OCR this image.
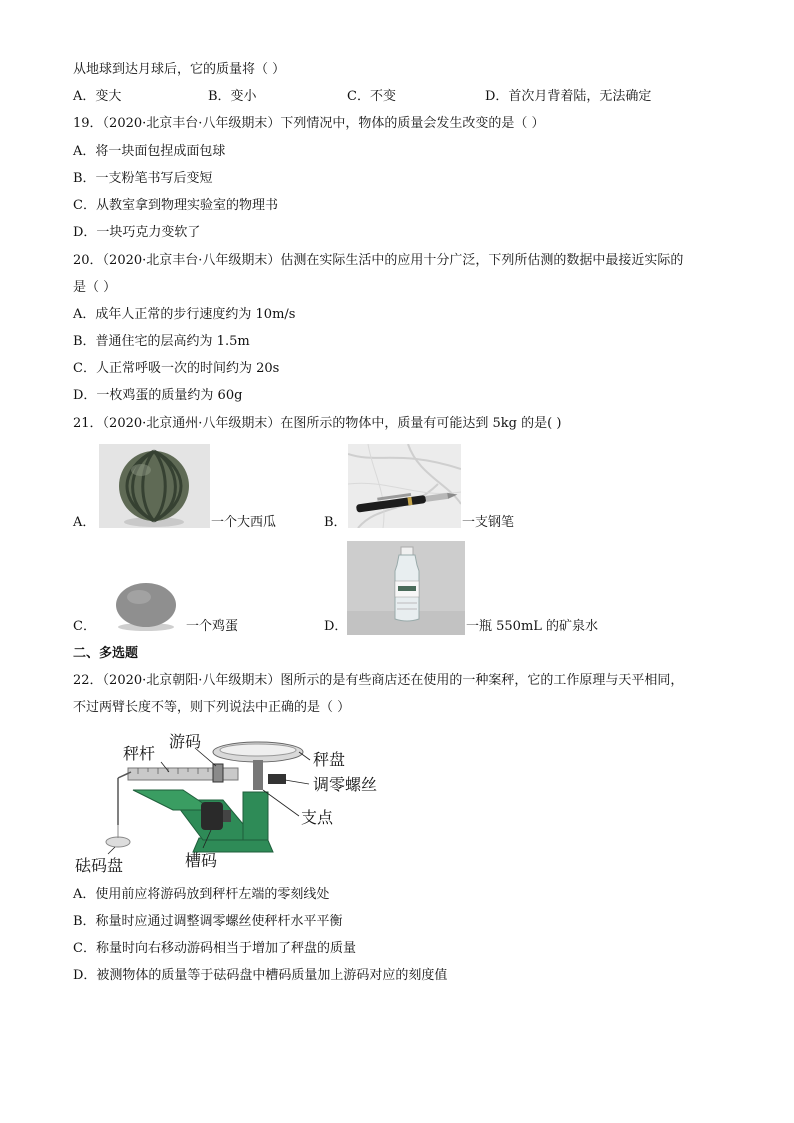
从地球到达月球后，它的质量将（ ）
A．变大	B．变小	C．不变	D．首次月背着陆，无法确定
19．（2020·北京丰台·八年级期末）下列情况中，物体的质量会发生改变的是（ ）
A．将一块面包捏成面包球
B．一支粉笔书写后变短
C．从教室拿到物理实验室的物理书
D．一块巧克力变软了
20．（2020·北京丰台·八年级期末）估测在实际生活中的应用十分广泛，下列所估测的数据中最接近实际的
是（ ）
A．成年人正常的步行速度约为 10m/s
B．普通住宅的层高约为 1.5m
C．人正常呼吸一次的时间约为 20s
D．一枚鸡蛋的质量约为 60g
21．（2020·北京通州·八年级期末）在图所示的物体中，质量有可能达到 5kg 的是( )
A．	一个大西瓜	B．	一支钢笔
C．	一个鸡蛋	D．	一瓶 550mL 的矿泉水
二、多选题
22．（2020·北京朝阳·八年级期末）图所示的是有些商店还在使用的一种案秤，它的工作原理与天平相同，
不过两臂长度不等，则下列说法中正确的是（ ）
秤杆
游码
秤盘
调零螺丝
支点
槽码
砝码盘
A．使用前应将游码放到秤杆左端的零刻线处
B．称量时应通过调整调零螺丝使秤杆水平平衡
C．称量时向右移动游码相当于增加了秤盘的质量
D．被测物体的质量等于砝码盘中槽码质量加上游码对应的刻度值
